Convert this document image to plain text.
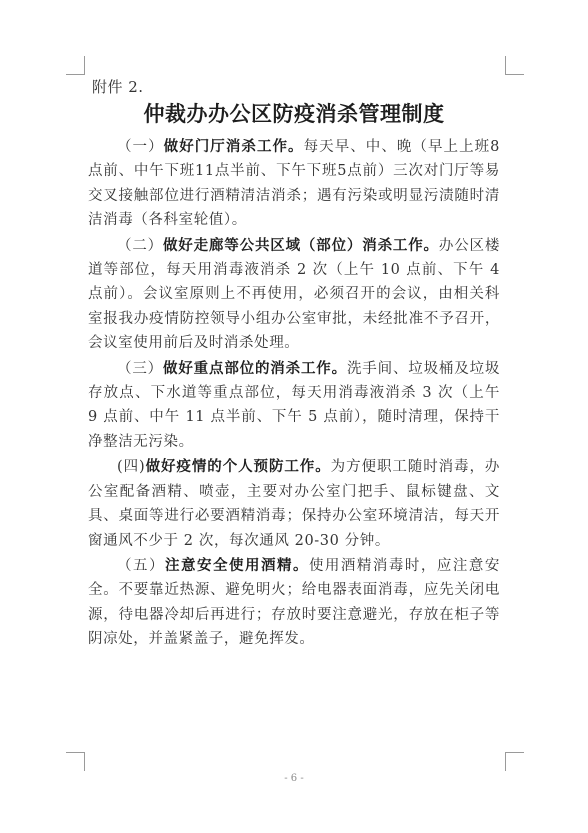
附件 2.

仲裁办办公区防疫消杀管理制度

（一）做好门厅消杀工作。每天早、中、晚（早上上班8点前、中午下班11点半前、下午下班5点前）三次对门厅等易交叉接触部位进行酒精清洁消杀；遇有污染或明显污渍随时清洁消毒（各科室轮值）。

（二）做好走廊等公共区域（部位）消杀工作。办公区楼道等部位，每天用消毒液消杀 2 次（上午 10 点前、下午 4 点前）。会议室原则上不再使用，必须召开的会议，由相关科室报我办疫情防控领导小组办公室审批，未经批准不予召开，会议室使用前后及时消杀处理。

（三）做好重点部位的消杀工作。洗手间、垃圾桶及垃圾存放点、下水道等重点部位，每天用消毒液消杀 3 次（上午 9 点前、中午 11 点半前、下午 5 点前），随时清理，保持干净整洁无污染。

(四)做好疫情的个人预防工作。为方便职工随时消毒，办公室配备酒精、喷壶，主要对办公室门把手、鼠标键盘、文具、桌面等进行必要酒精消毒；保持办公室环境清洁，每天开窗通风不少于 2 次，每次通风 20-30 分钟。

（五）注意安全使用酒精。使用酒精消毒时，应注意安全。不要靠近热源、避免明火；给电器表面消毒，应先关闭电源，待电器冷却后再进行；存放时要注意避光，存放在柜子等阴凉处，并盖紧盖子，避免挥发。

- 6 -
